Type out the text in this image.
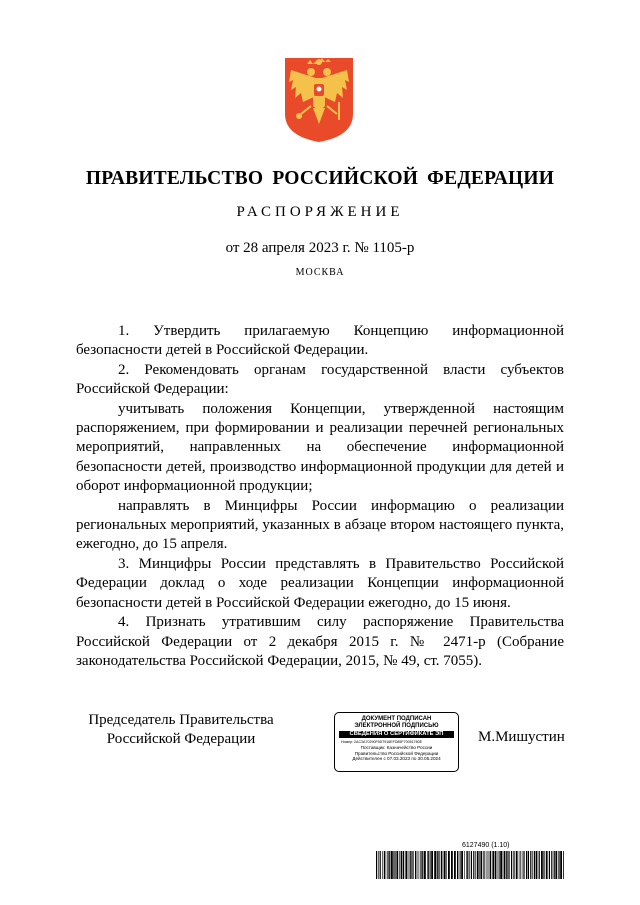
ПРАВИТЕЛЬСТВО РОССИЙСКОЙ ФЕДЕРАЦИИ
РАСПОРЯЖЕНИЕ
от 28 апреля 2023 г. № 1105-р
МОСКВА

1. Утвердить прилагаемую Концепцию информационной безопасности детей в Российской Федерации.

2. Рекомендовать органам государственной власти субъектов Российской Федерации:

учитывать положения Концепции, утвержденной настоящим распоряжением, при формировании и реализации перечней региональных мероприятий, направленных на обеспечение информационной безопасности детей, производство информационной продукции для детей и оборот информационной продукции;

направлять в Минцифры России информацию о реализации региональных мероприятий, указанных в абзаце втором настоящего пункта, ежегодно, до 15 апреля.

3. Минцифры России представлять в Правительство Российской Федерации доклад о ходе реализации Концепции информационной безопасности детей в Российской Федерации ежегодно, до 15 июня.

4. Признать утратившим силу распоряжение Правительства Российской Федерации от 2 декабря 2015 г. № 2471-р (Собрание законодательства Российской Федерации, 2015, № 49, ст. 7055).

Председатель Правительства
Российской Федерации
ДОКУМЕНТ ПОДПИСАН
ЭЛЕКТРОННОЙ ПОДПИСЬЮ
СВЕДЕНИЯ О СЕРТИФИКАТЕ ЭП
Номер: 2AC3A70290F5D7916EFD85F70051780E
Поставщик: Казначейство России
Правительство Российской Федерации
Действителен с 07.03.2023 по 30.05.2024
М.Мишустин
6127490 (1.10)
